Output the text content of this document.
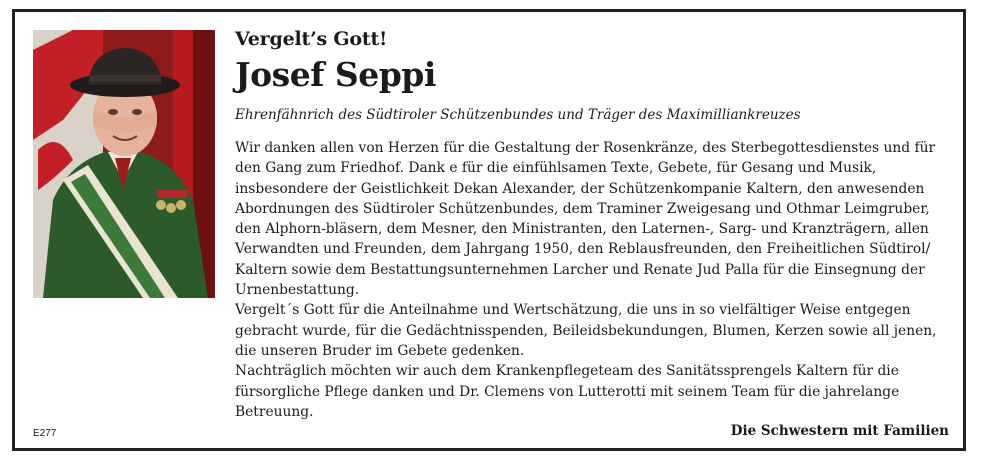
Vergelt’s Gott!
Josef Seppi
Ehrenfähnrich des Südtiroler Schützenbundes und Träger des Maximilliankreuzes

Wir danken allen von Herzen für die Gestaltung der Rosenkränze, des Sterbegottesdienstes und für den Gang zum Friedhof. Dank e für die einfühlsamen Texte, Gebete, für Gesang und Musik, insbesondere der Geistlichkeit Dekan Alexander, der Schützenkompanie Kaltern, den anwesenden Abordnungen des Südtiroler Schützenbundes, dem Traminer Zweigesang und Othmar Leimgruber, den Alphorn-bläsern, dem Mesner, den Ministranten, den Laternen-, Sarg- und Kranzträgern, allen Verwandten und Freunden, dem Jahrgang 1950, den Reblausfreunden, den Freiheitlichen Südtirol/ Kaltern sowie dem Bestattungsunternehmen Larcher und Renate Jud Palla für die Einsegnung der Urnenbestattung.

Vergelt´s Gott für die Anteilnahme und Wertschätzung, die uns in so vielfältiger Weise entgegen gebracht wurde, für die Gedächtnisspenden, Beileidsbekundungen, Blumen, Kerzen sowie all jenen, die unseren Bruder im Gebete gedenken.

Nachträglich möchten wir auch dem Krankenpflegeteam des Sanitätssprengels Kaltern für die fürsorgliche Pflege danken und Dr. Clemens von Lutterotti mit seinem Team für die jahrelange Betreuung.

E277	Die Schwestern mit Familien
